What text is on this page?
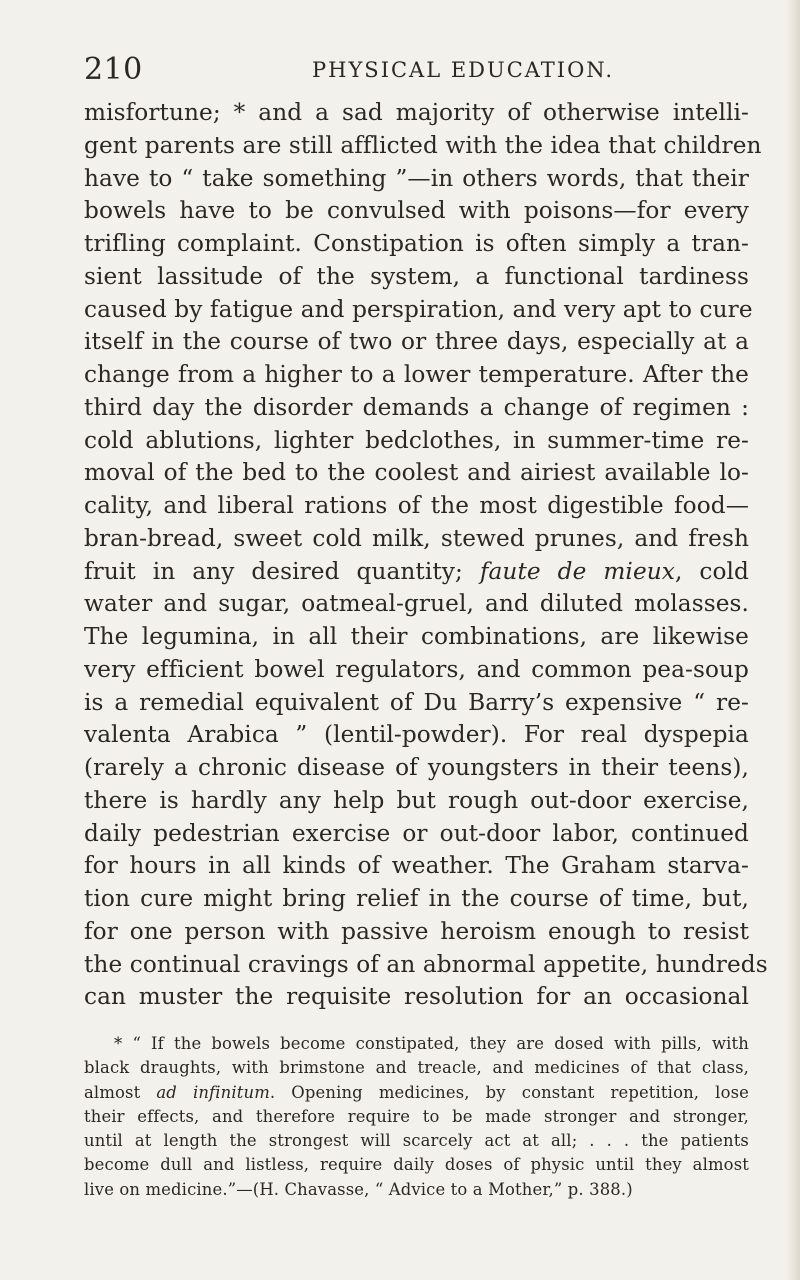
210	PHYSICAL EDUCATION.
misfortune; * and a sad majority of otherwise intelli-
gent parents are still afflicted with the idea that children
have to “ take something ”—in others words, that their
bowels have to be convulsed with poisons—for every
trifling complaint. Constipation is often simply a tran-
sient lassitude of the system, a functional tardiness
caused by fatigue and perspiration, and very apt to cure
itself in the course of two or three days, especially at a
change from a higher to a lower temperature. After the
third day the disorder demands a change of regimen :
cold ablutions, lighter bedclothes, in summer-time re-
moval of the bed to the coolest and airiest available lo-
cality, and liberal rations of the most digestible food—
bran-bread, sweet cold milk, stewed prunes, and fresh
fruit in any desired quantity; faute de mieux, cold
water and sugar, oatmeal-gruel, and diluted molasses.
The legumina, in all their combinations, are likewise
very efficient bowel regulators, and common pea-soup
is a remedial equivalent of Du Barry’s expensive “ re-
valenta Arabica ” (lentil-powder). For real dyspepia
(rarely a chronic disease of youngsters in their teens),
there is hardly any help but rough out-door exercise,
daily pedestrian exercise or out-door labor, continued
for hours in all kinds of weather. The Graham starva-
tion cure might bring relief in the course of time, but,
for one person with passive heroism enough to resist
the continual cravings of an abnormal appetite, hundreds
can muster the requisite resolution for an occasional
* “ If the bowels become constipated, they are dosed with pills, with
black draughts, with brimstone and treacle, and medicines of that class,
almost ad infinitum. Opening medicines, by constant repetition, lose
their effects, and therefore require to be made stronger and stronger,
until at length the strongest will scarcely act at all; . . . the patients
become dull and listless, require daily doses of physic until they almost
live on medicine.”—(H. Chavasse, “ Advice to a Mother,” p. 388.)
